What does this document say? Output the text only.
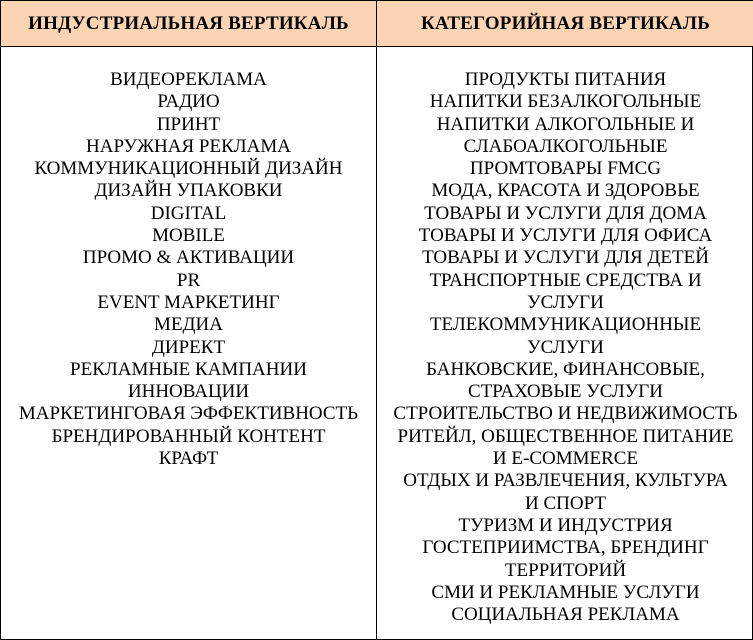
ИНДУСТРИАЛЬНАЯ ВЕРТИКАЛЬ	КАТЕГОРИЙНАЯ ВЕРТИКАЛЬ
ВИДЕОРЕКЛАМА
РАДИО
ПРИНТ
НАРУЖНАЯ РЕКЛАМА
КОММУНИКАЦИОННЫЙ ДИЗАЙН
ДИЗАЙН УПАКОВКИ
DIGITAL
MOBILE
ПРОМО & АКТИВАЦИИ
PR
EVENT МАРКЕТИНГ
МЕДИА
ДИРЕКТ
РЕКЛАМНЫЕ КАМПАНИИ
ИННОВАЦИИ
МАРКЕТИНГОВАЯ ЭФФЕКТИВНОСТЬ
БРЕНДИРОВАННЫЙ КОНТЕНТ
КРАФТ
ПРОДУКТЫ ПИТАНИЯ
НАПИТКИ БЕЗАЛКОГОЛЬНЫЕ
НАПИТКИ АЛКОГОЛЬНЫЕ И
СЛАБОАЛКОГОЛЬНЫЕ
ПРОМТОВАРЫ FMCG
МОДА, КРАСОТА И ЗДОРОВЬЕ
ТОВАРЫ И УСЛУГИ ДЛЯ ДОМА
ТОВАРЫ И УСЛУГИ ДЛЯ ОФИСА
ТОВАРЫ И УСЛУГИ ДЛЯ ДЕТЕЙ
ТРАНСПОРТНЫЕ СРЕДСТВА И
УСЛУГИ
ТЕЛЕКОММУНИКАЦИОННЫЕ
УСЛУГИ
БАНКОВСКИЕ, ФИНАНСОВЫЕ,
СТРАХОВЫЕ УСЛУГИ
СТРОИТЕЛЬСТВО И НЕДВИЖИМОСТЬ
РИТЕЙЛ, ОБЩЕСТВЕННОЕ ПИТАНИЕ
И E-COMMERCE
ОТДЫХ И РАЗВЛЕЧЕНИЯ, КУЛЬТУРА
И СПОРТ
ТУРИЗМ И ИНДУСТРИЯ
ГОСТЕПРИИМСТВА, БРЕНДИНГ
ТЕРРИТОРИЙ
СМИ И РЕКЛАМНЫЕ УСЛУГИ
СОЦИАЛЬНАЯ РЕКЛАМА
